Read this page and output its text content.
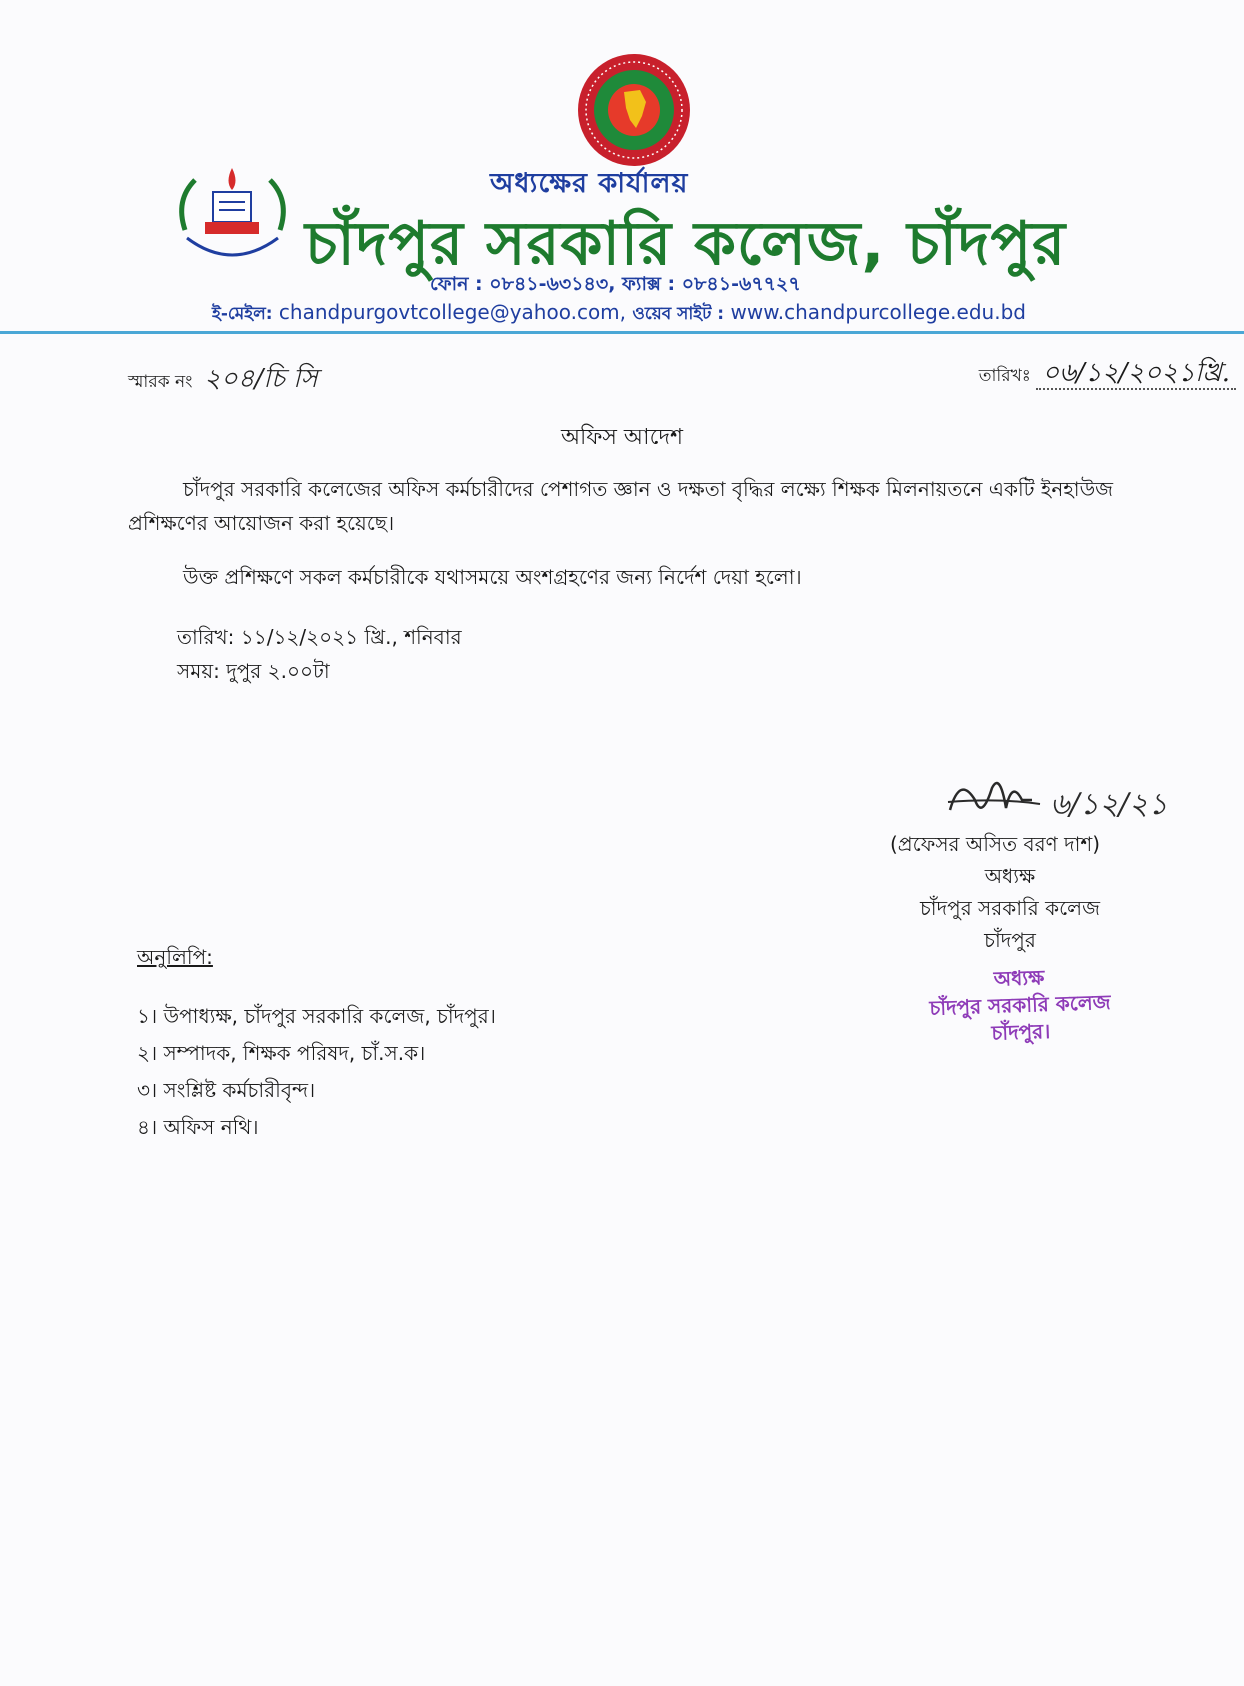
অধ্যক্ষের কার্যালয়
চাঁদপুর সরকারি কলেজ, চাঁদপুর
ফোন : ০৮৪১-৬৩১৪৩, ফ্যাক্স : ০৮৪১-৬৭৭২৭
ই-মেইল: chandpurgovtcollege@yahoo.com, ওয়েব সাইট : www.chandpurcollege.edu.bd
স্মারক নং ২০৪/চি সি	তারিখঃ ০৬/১২/২০২১খ্রি.
অফিস আদেশ
চাঁদপুর সরকারি কলেজের অফিস কর্মচারীদের পেশাগত জ্ঞান ও দক্ষতা বৃদ্ধির লক্ষ্যে শিক্ষক মিলনায়তনে একটি ইনহাউজ প্রশিক্ষণের আয়োজন করা হয়েছে।
উক্ত প্রশিক্ষণে সকল কর্মচারীকে যথাসময়ে অংশগ্রহণের জন্য নির্দেশ দেয়া হলো।
তারিখ: ১১/১২/২০২১ খ্রি., শনিবার
সময়: দুপুর ২.০০টা
৬/১২/২১
(প্রফেসর অসিত বরণ দাশ)
অধ্যক্ষ
চাঁদপুর সরকারি কলেজ
চাঁদপুর
অধ্যক্ষ
চাঁদপুর সরকারি কলেজ
চাঁদপুর।
অনুলিপি:
১। উপাধ্যক্ষ, চাঁদপুর সরকারি কলেজ, চাঁদপুর।
২। সম্পাদক, শিক্ষক পরিষদ, চাঁ.স.ক।
৩। সংশ্লিষ্ট কর্মচারীবৃন্দ।
৪। অফিস নথি।
